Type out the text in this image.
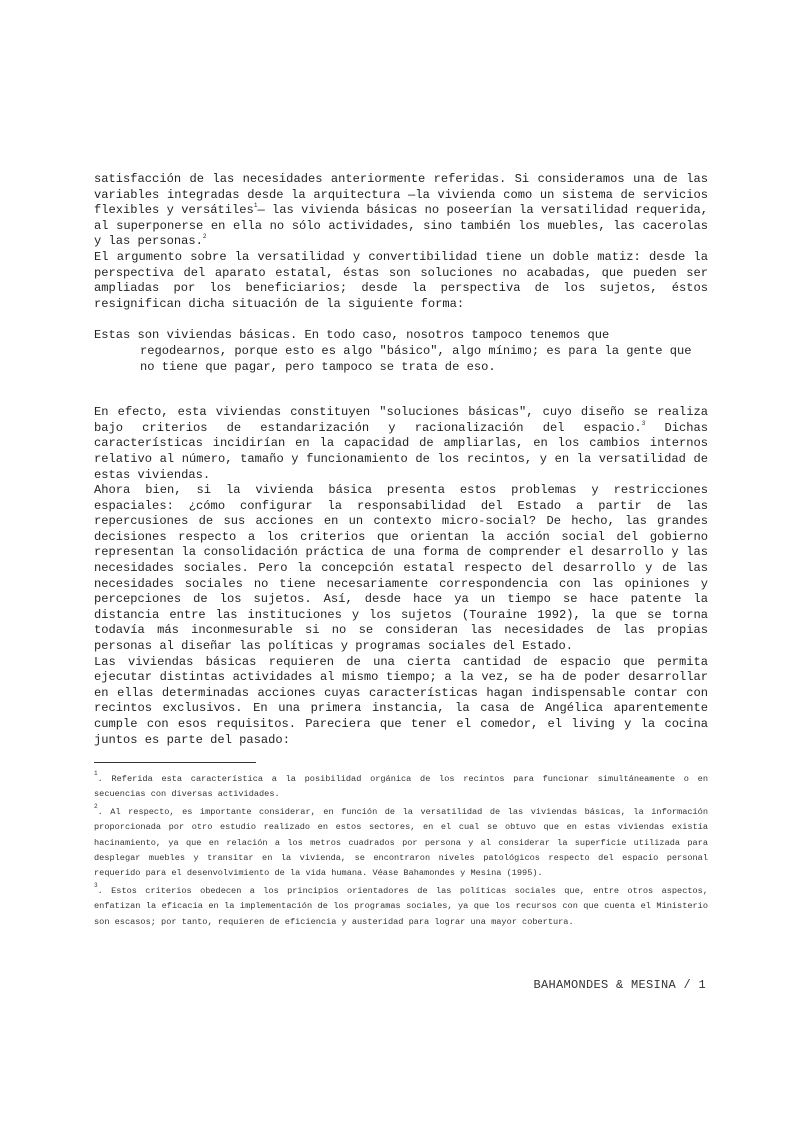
satisfacción de las necesidades anteriormente referidas. Si consideramos una de las variables integradas desde la arquitectura —la vivienda como un sistema de servicios flexibles y versátiles$^1$— las vivienda básicas no poseerían la versatilidad requerida, al superponerse en ella no sólo actividades, sino también los muebles, las cacerolas y las personas.$^2$

El argumento sobre la versatilidad y convertibilidad tiene un doble matiz: desde la perspectiva del aparato estatal, éstas son soluciones no acabadas, que pueden ser ampliadas por los beneficiarios; desde la perspectiva de los sujetos, éstos resignifican dicha situación de la siguiente forma:

Estas son viviendas básicas. En todo caso, nosotros tampoco tenemos que
regodearnos, porque esto es algo "básico", algo mínimo; es para la gente que no tiene que pagar, pero tampoco se trata de eso.

En efecto, esta viviendas constituyen "soluciones básicas", cuyo diseño se realiza bajo criterios de estandarización y racionalización del espacio.$^3$ Dichas características incidirían en la capacidad de ampliarlas, en los cambios internos relativo al número, tamaño y funcionamiento de los recintos, y en la versatilidad de estas viviendas.

Ahora bien, si la vivienda básica presenta estos problemas y restricciones espaciales: ¿cómo configurar la responsabilidad del Estado a partir de las repercusiones de sus acciones en un contexto micro-social? De hecho, las grandes decisiones respecto a los criterios que orientan la acción social del gobierno representan la consolidación práctica de una forma de comprender el desarrollo y las necesidades sociales. Pero la concepción estatal respecto del desarrollo y de las necesidades sociales no tiene necesariamente correspondencia con las opiniones y percepciones de los sujetos. Así, desde hace ya un tiempo se hace patente la distancia entre las instituciones y los sujetos (Touraine 1992), la que se torna todavía más inconmesurable si no se consideran las necesidades de las propias personas al diseñar las políticas y programas sociales del Estado.

Las viviendas básicas requieren de una cierta cantidad de espacio que permita ejecutar distintas actividades al mismo tiempo; a la vez, se ha de poder desarrollar en ellas determinadas acciones cuyas características hagan indispensable contar con recintos exclusivos. En una primera instancia, la casa de Angélica aparentemente cumple con esos requisitos. Pareciera que tener el comedor, el living y la cocina juntos es parte del pasado:

$^1$. Referida esta característica a la posibilidad orgánica de los recintos para funcionar simultáneamente o en secuencias con diversas actividades.

$^2$. Al respecto, es importante considerar, en función de la versatilidad de las viviendas básicas, la información proporcionada por otro estudio realizado en estos sectores, en el cual se obtuvo que en estas viviendas existía hacinamiento, ya que en relación a los metros cuadrados por persona y al considerar la superficie utilizada para desplegar muebles y transitar en la vivienda, se encontraron niveles patológicos respecto del espacio personal requerido para el desenvolvimiento de la vida humana. Véase Bahamondes y Mesina (1995).

$^3$. Estos criterios obedecen a los principios orientadores de las políticas sociales que, entre otros aspectos, enfatizan la eficacia en la implementación de los programas sociales, ya que los recursos con que cuenta el Ministerio son escasos; por tanto, requieren de eficiencia y austeridad para lograr una mayor cobertura.

BAHAMONDES & MESINA / 1
